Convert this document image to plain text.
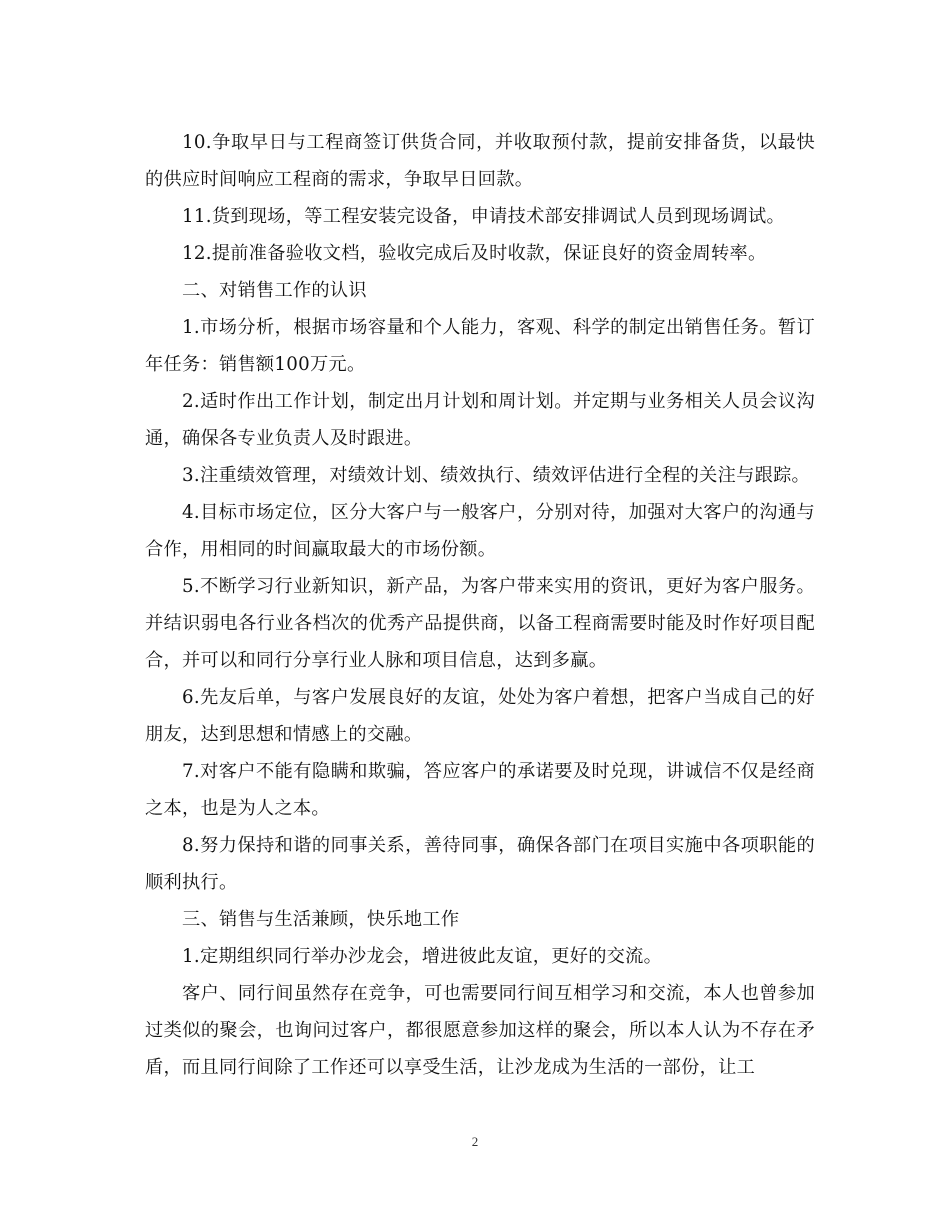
10.争取早日与工程商签订供货合同，并收取预付款，提前安排备货，以最快的供应时间响应工程商的需求，争取早日回款。

11.货到现场，等工程安装完设备，申请技术部安排调试人员到现场调试。

12.提前准备验收文档，验收完成后及时收款，保证良好的资金周转率。

二、对销售工作的认识

1.市场分析，根据市场容量和个人能力，客观、科学的制定出销售任务。暂订年任务：销售额100万元。

2.适时作出工作计划，制定出月计划和周计划。并定期与业务相关人员会议沟通，确保各专业负责人及时跟进。

3.注重绩效管理，对绩效计划、绩效执行、绩效评估进行全程的关注与跟踪。

4.目标市场定位，区分大客户与一般客户，分别对待，加强对大客户的沟通与合作，用相同的时间赢取最大的市场份额。

5.不断学习行业新知识，新产品，为客户带来实用的资讯，更好为客户服务。并结识弱电各行业各档次的优秀产品提供商，以备工程商需要时能及时作好项目配合，并可以和同行分享行业人脉和项目信息，达到多赢。

6.先友后单，与客户发展良好的友谊，处处为客户着想，把客户当成自己的好朋友，达到思想和情感上的交融。

7.对客户不能有隐瞒和欺骗，答应客户的承诺要及时兑现，讲诚信不仅是经商之本，也是为人之本。

8.努力保持和谐的同事关系，善待同事，确保各部门在项目实施中各项职能的顺利执行。

三、销售与生活兼顾，快乐地工作

1.定期组织同行举办沙龙会，增进彼此友谊，更好的交流。

客户、同行间虽然存在竞争，可也需要同行间互相学习和交流，本人也曾参加过类似的聚会，也询问过客户，都很愿意参加这样的聚会，所以本人认为不存在矛盾，而且同行间除了工作还可以享受生活，让沙龙成为生活的一部份，让工

2
